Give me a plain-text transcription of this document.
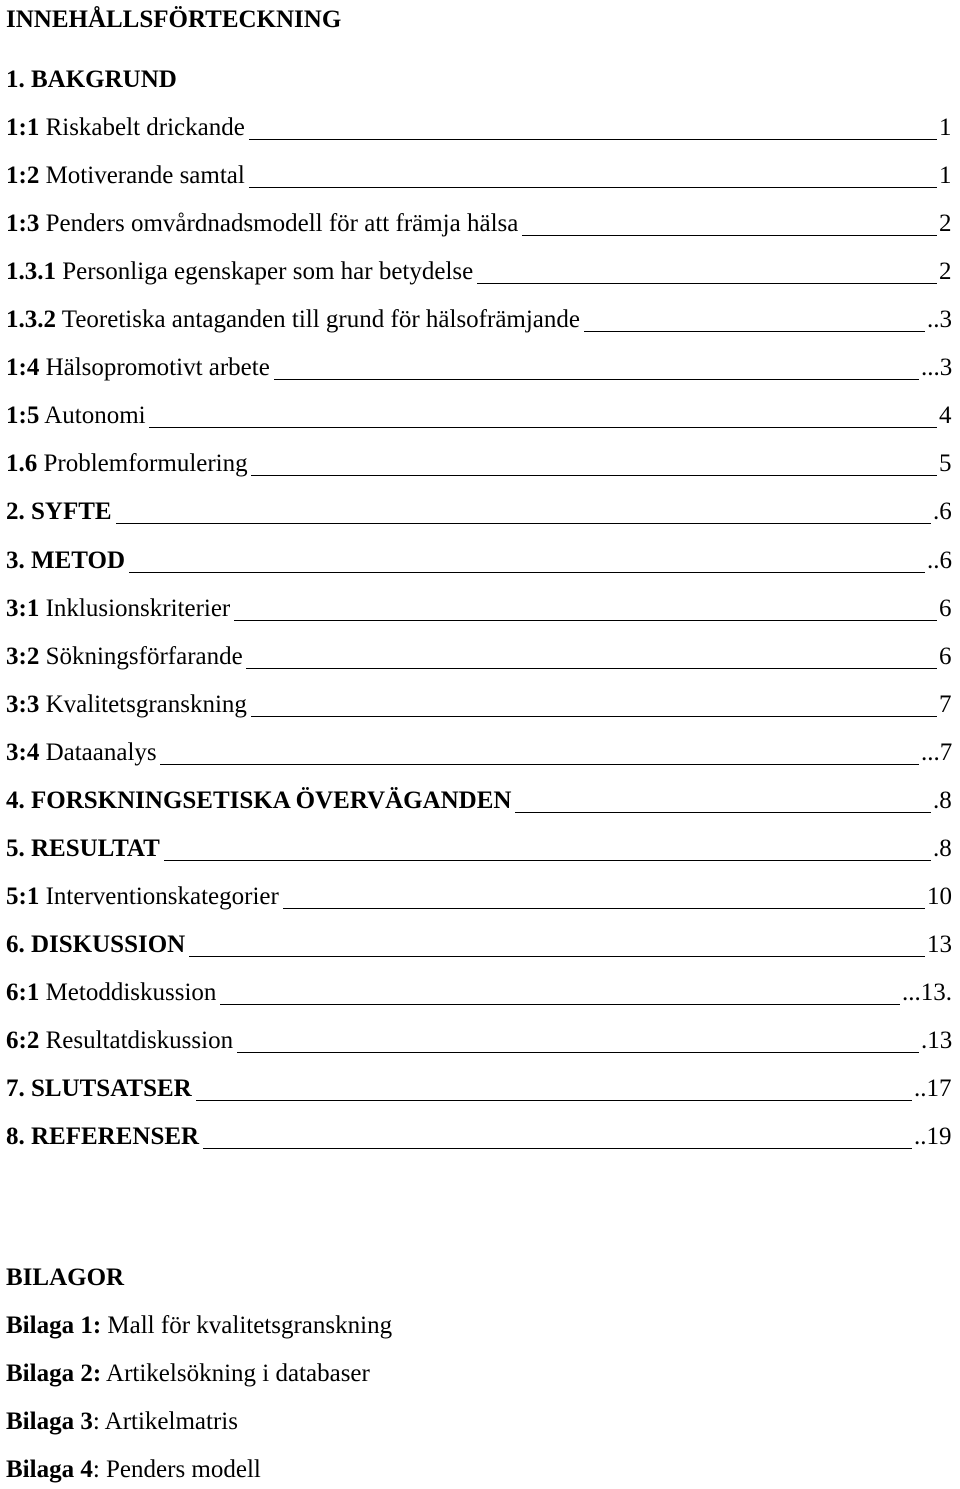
INNEHÅLLSFÖRTECKNING
1. BAKGRUND
1:1 Riskabelt drickande	1
1:2 Motiverande samtal	1
1:3 Penders omvårdnadsmodell för att främja hälsa	2
1.3.1 Personliga egenskaper som har betydelse	2
1.3.2 Teoretiska antaganden till grund för hälsofrämjande	..3
1:4 Hälsopromotivt arbete	...3
1:5 Autonomi	4
1.6 Problemformulering	5
2. SYFTE	.6
3. METOD	..6
3:1 Inklusionskriterier	6
3:2 Sökningsförfarande	6
3:3 Kvalitetsgranskning	7
3:4 Dataanalys	...7
4. FORSKNINGSETISKA ÖVERVÄGANDEN	.8
5. RESULTAT	.8
5:1 Interventionskategorier	10
6. DISKUSSION	13
6:1 Metoddiskussion	...13.
6:2 Resultatdiskussion	.13
7. SLUTSATSER	..17
8. REFERENSER	..19
BILAGOR
Bilaga 1: Mall för kvalitetsgranskning
Bilaga 2: Artikelsökning i databaser
Bilaga 3: Artikelmatris
Bilaga 4: Penders modell
